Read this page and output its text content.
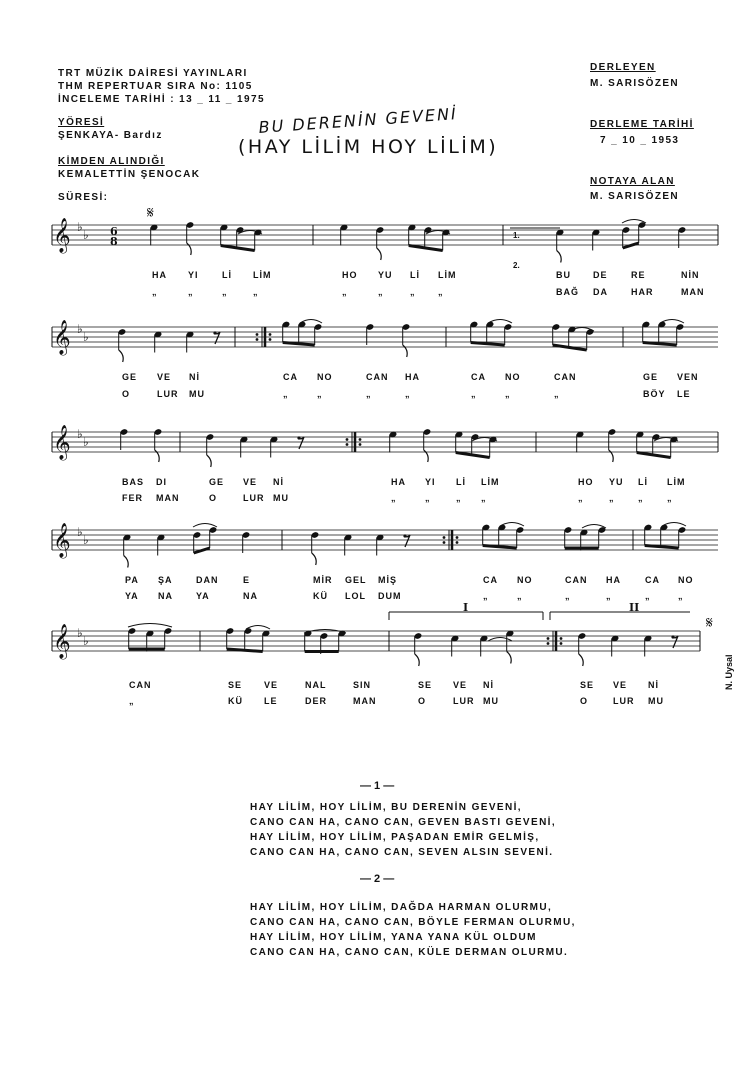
TRT MÜZİK DAİRESİ YAYINLARI
THM REPERTUAR SIRA No: 1105
İNCELEME TARİHİ : 13 _ 11 _ 1975
YÖRESİ
ŞENKAYA- Bardız
KİMDEN ALINDIĞI
KEMALETTİN ŞENOCAK
SÜRESİ:
DERLEYEN
M. SARISÖZEN
DERLEME TARİHİ
7 _ 10 _ 1953
NOTAYA ALAN
M. SARISÖZEN
BU DERENİN GEVENİ
(HAY LİLİM HOY LİLİM)
𝄞 ♭
♭
𝄞 ♭
♭
𝄞 ♭
♭
𝄞 ♭
♭
𝄞 ♭
♭
6
8
𝄋
𝄋
1.
2.
I	II
HA YI	Lİ LİM	HO YU Lİ LİM	BU DE	RE	NİN
„	„	„	„	„	„	„	„	BAĞ DA	HAR	MAN
GE VE Nİ	CA NO	CAN HA	CA NO	CAN	GE VEN
O	LUR MU	„	„	„	„	„	„	„	BÖY LE
BAS DI	GE VE Nİ	HA YI Lİ LİM	HO YU Lİ LİM
FER MAN	O	LUR MU	„	„	„ „	„	„	„	„
PA ŞA	DAN	E	MİR GEL MİŞ	CA NO	CAN HA	CA NO
YA NA	YA	NA	KÜ LOL DUM	„	„	„	„	„	„
CAN	SE VE	NAL	SIN	SE VE Nİ	SE VE Nİ
„	KÜ LE	DER	MAN	O	LUR MU	O	LUR MU
N. Uysal
— 1 —
HAY LİLİM, HOY LİLİM, BU DERENİN GEVENİ,
CANO CAN HA, CANO CAN, GEVEN BASTI GEVENİ,
HAY LİLİM, HOY LİLİM, PAŞADAN EMİR GELMİŞ,
CANO CAN HA, CANO CAN, SEVEN ALSIN SEVENİ.
— 2 —
HAY LİLİM, HOY LİLİM, DAĞDA HARMAN OLURMU,
CANO CAN HA, CANO CAN, BÖYLE FERMAN OLURMU,
HAY LİLİM, HOY LİLİM, YANA YANA KÜL OLDUM
CANO CAN HA, CANO CAN, KÜLE DERMAN OLURMU.
